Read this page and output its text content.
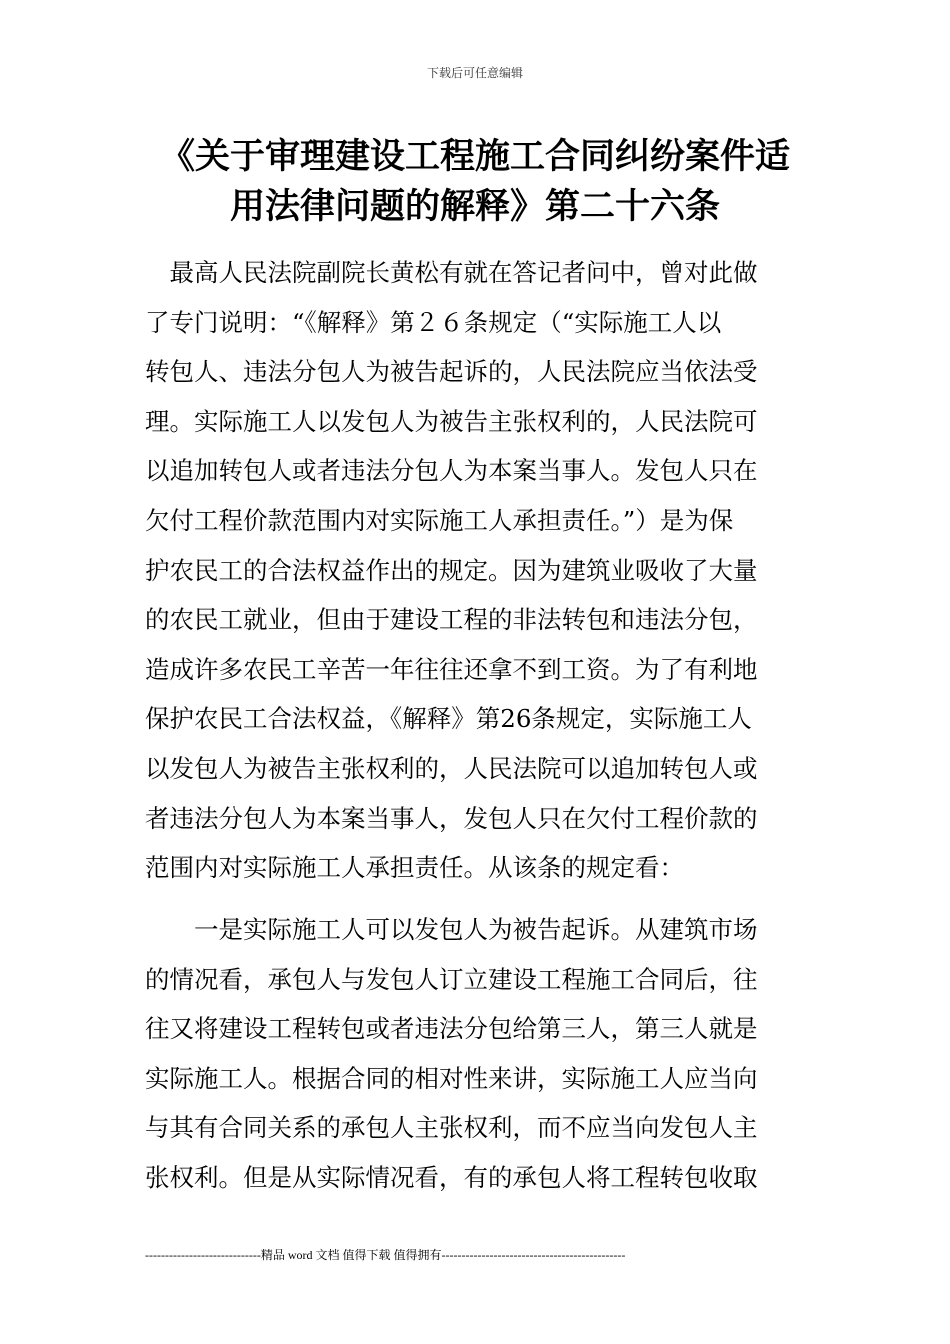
下载后可任意编辑
《关于审理建设工程施工合同纠纷案件适
用法律问题的解释》第二十六条
　最高人民法院副院长黄松有就在答记者问中，曾对此做
了专门说明：“《解释》第２６条规定（“实际施工人以
转包人、违法分包人为被告起诉的，人民法院应当依法受
理。实际施工人以发包人为被告主张权利的，人民法院可
以追加转包人或者违法分包人为本案当事人。发包人只在
欠付工程价款范围内对实际施工人承担责任。”）是为保
护农民工的合法权益作出的规定。因为建筑业吸收了大量
的农民工就业，但由于建设工程的非法转包和违法分包，
造成许多农民工辛苦一年往往还拿不到工资。为了有利地
保护农民工合法权益，《解释》第26条规定，实际施工人
以发包人为被告主张权利的，人民法院可以追加转包人或
者违法分包人为本案当事人，发包人只在欠付工程价款的
范围内对实际施工人承担责任。从该条的规定看：
　　一是实际施工人可以发包人为被告起诉。从建筑市场
的情况看，承包人与发包人订立建设工程施工合同后，往
往又将建设工程转包或者违法分包给第三人，第三人就是
实际施工人。根据合同的相对性来讲，实际施工人应当向
与其有合同关系的承包人主张权利，而不应当向发包人主
张权利。但是从实际情况看，有的承包人将工程转包收取
-----------------------------精品 word 文档 值得下载 值得拥有----------------------------------------------
